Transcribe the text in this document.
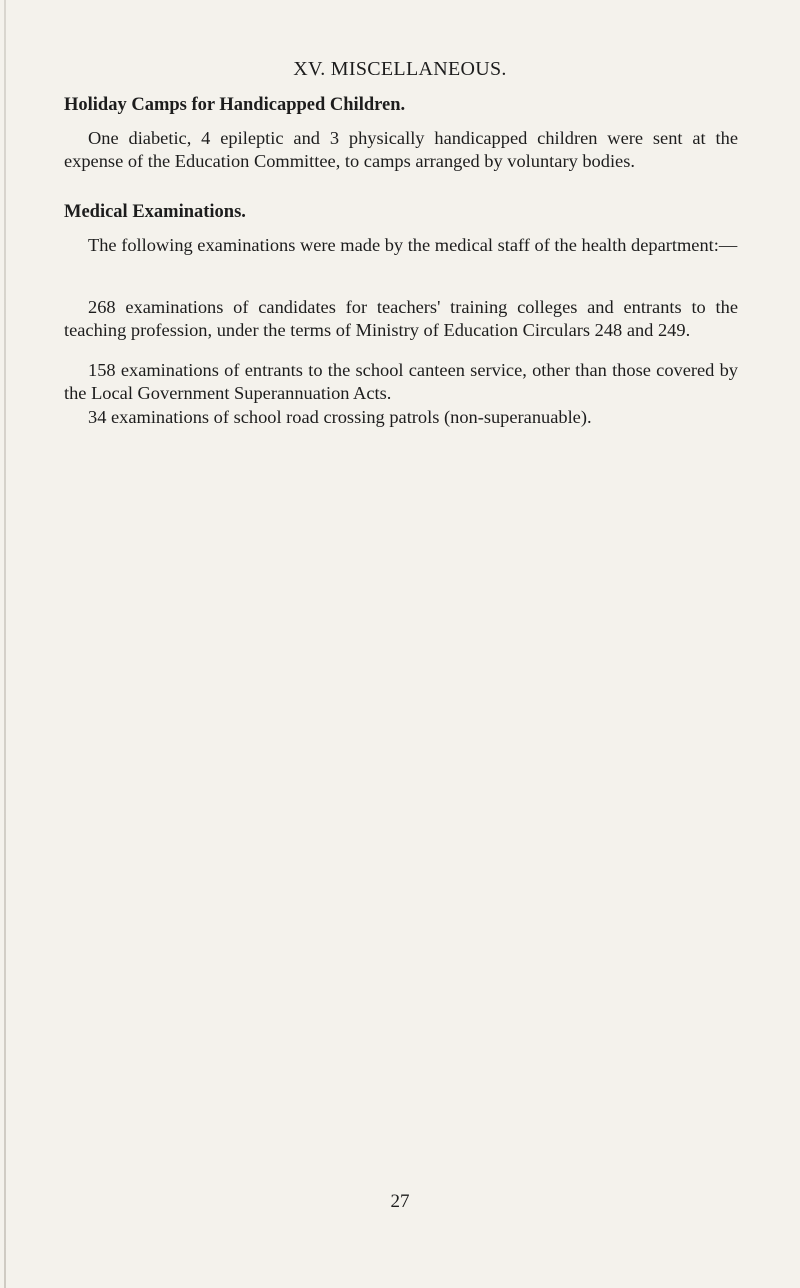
XV. MISCELLANEOUS.
Holiday Camps for Handicapped Children.

One diabetic, 4 epileptic and 3 physically handicapped children were sent at the expense of the Education Committee, to camps arranged by voluntary bodies.

Medical Examinations.

The following examinations were made by the medical staff of the health department:—

268 examinations of candidates for teachers' training colleges and entrants to the teaching profession, under the terms of Ministry of Education Circulars 248 and 249.

158 examinations of entrants to the school canteen service, other than those covered by the Local Government Superannuation Acts.

34 examinations of school road crossing patrols (non-superanuable).

27
